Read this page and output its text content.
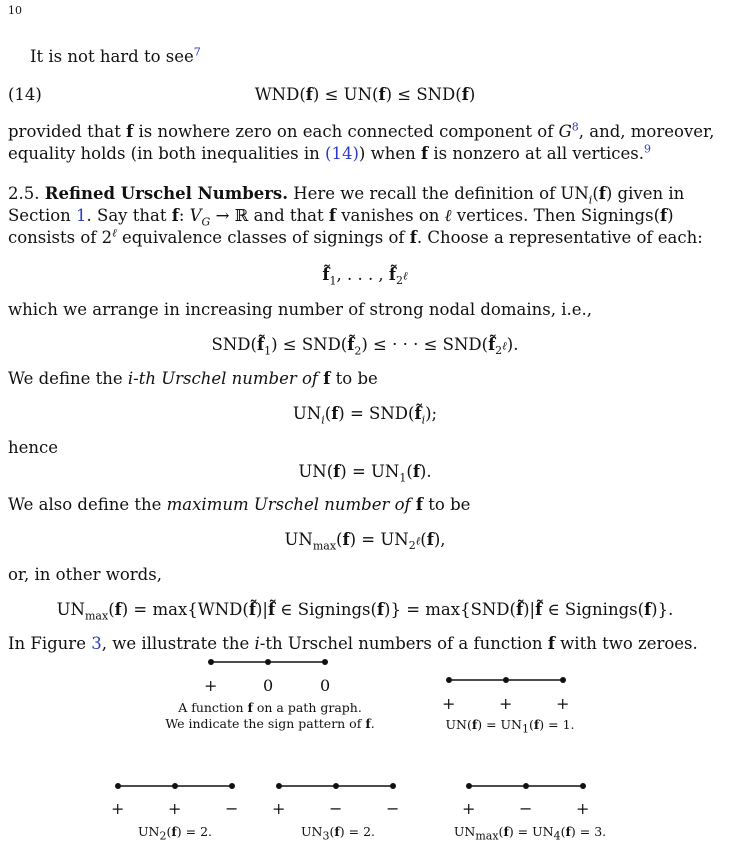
10
It is not hard to see$^7$
(14)	WND(f) ≤ UN(f) ≤ SND(f)
provided that f is nowhere zero on each connected component of $G^8$, and, moreover,
equality holds (in both inequalities in (14)) when f is nonzero at all vertices.$^9$
2.5. Refined Urschel Numbers. Here we recall the definition of $UN_i(f)$ given in
Section 1. Say that f: $V_G$ → ℝ and that f vanishes on ℓ vertices. Then Signings(f)
consists of $2^\ell$ equivalence classes of signings of f. Choose a representative of each:
$f̃_1$, . . . , $f̃_{2^\ell}$
which we arrange in increasing number of strong nodal domains, i.e.,
$SND(f̃_1)$ ≤ $SND(f̃_2)$ ≤ · · · ≤ $SND(f̃_{2^\ell})$.
We define the i-th Urschel number of f to be
$UN_i(f)$ = $SND(f̃_i)$;
hence
$UN(f) = UN_1(f)$.
We also define the maximum Urschel number of f to be
$UN_{max}(f) = UN_{2^\ell}(f)$,
or, in other words,
$UN_{max}(f)$ = max{WND(f̃)|f̃ ∈ Signings(f)} = max{SND(f̃)|f̃ ∈ Signings(f)}.
In Figure 3, we illustrate the i-th Urschel numbers of a function f with two zeroes.
+	0	0
A function f on a path graph.
We indicate the sign pattern of f.
+	+	+
$UN(f) = UN_1(f) = 1$.
+	+	−
$UN_2(f) = 2$.
+	−	−
$UN_3(f) = 2$.
+	−	+
$UN_{max}(f) = UN_4(f) = 3$.
